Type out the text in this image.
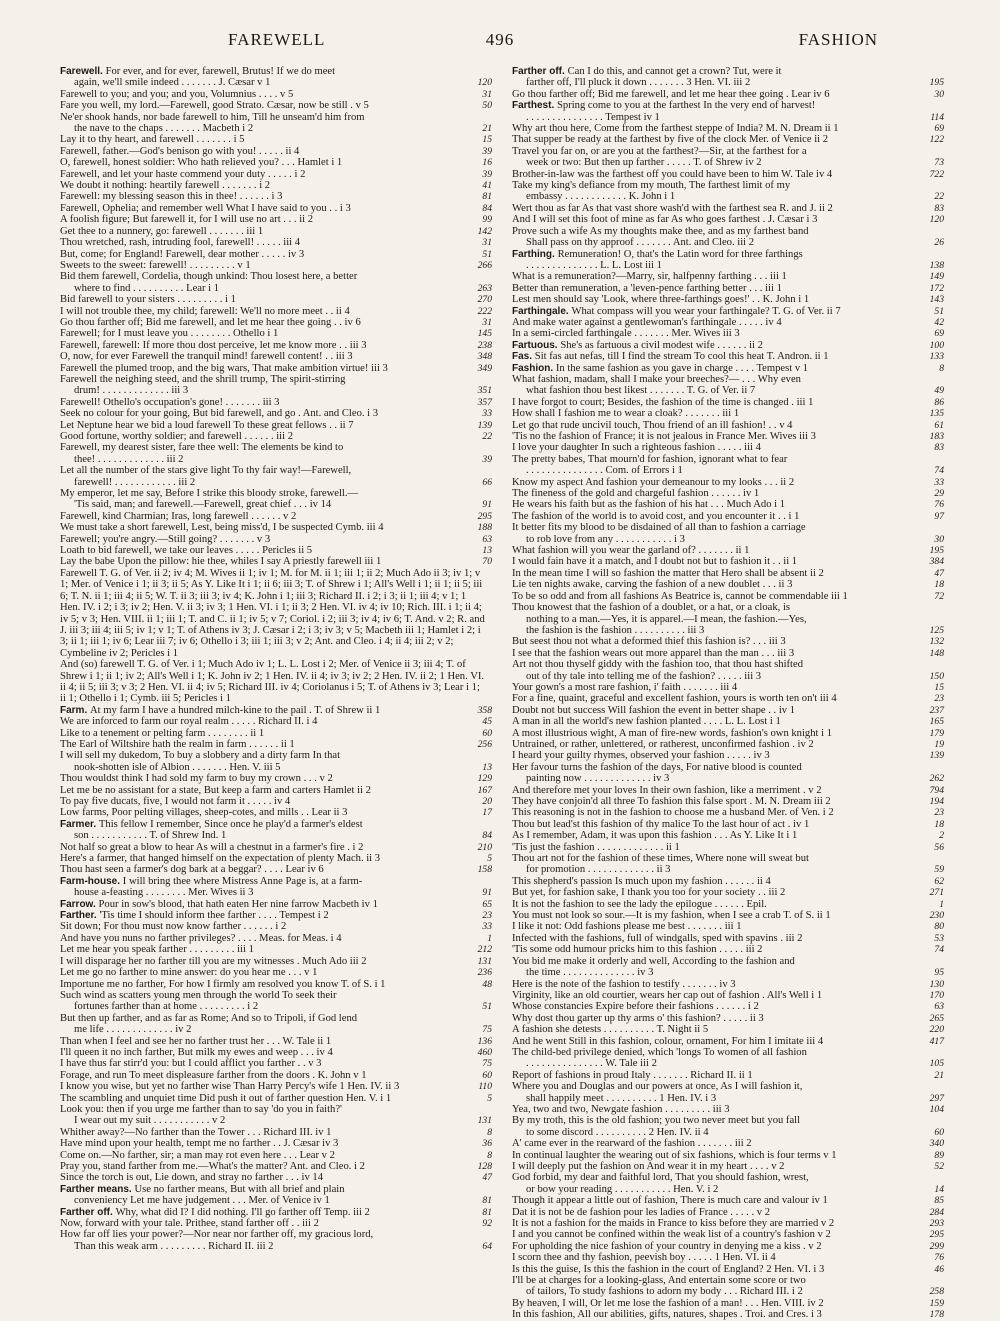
FAREWELL	496	FASHION
Farewell. For ever, and for ever, farewell, Brutus! If we do meet
again, we'll smile indeed . . . . . . . J. Cæsar v 1	120
Farewell to you; and you; and you, Volumnius . . . . v 5	31
Fare you well, my lord.—Farewell, good Strato. Cæsar, now be still . v 5	50
Ne'er shook hands, nor bade farewell to him, Till he unseam'd him from
the nave to the chaps . . . . . . . Macbeth i 2	21
Lay it to thy heart, and farewell . . . . . . . i 5	15
Farewell, father.—God's benison go with you! . . . . . ii 4	39
O, farewell, honest soldier: Who hath relieved you? . . . Hamlet i 1	16
Farewell, and let your haste commend your duty . . . . . i 2	39
We doubt it nothing: heartily farewell . . . . . . . i 2	41
Farewell: my blessing season this in thee! . . . . . . i 3	81
Farewell, Ophelia; and remember well What I have said to you . . i 3	84
A foolish figure; But farewell it, for I will use no art . . . ii 2	99
Get thee to a nunnery, go: farewell . . . . . . . iii 1	142
Thou wretched, rash, intruding fool, farewell! . . . . . iii 4	31
But, come; for England! Farewell, dear mother . . . . . iv 3	51
Sweets to the sweet: farewell! . . . . . . . . . v 1	266
Bid them farewell, Cordelia, though unkind: Thou losest here, a better
where to find . . . . . . . . . . Lear i 1	263
Bid farewell to your sisters . . . . . . . . . i 1	270
I will not trouble thee, my child; farewell: We'll no more meet . . ii 4	222
Go thou farther off; Bid me farewell, and let me hear thee going . . iv 6	31
Farewell; for I must leave you . . . . . . . . Othello i 1	145
Farewell, farewell: If more thou dost perceive, let me know more . . iii 3	238
O, now, for ever Farewell the tranquil mind! farewell content! . . iii 3	348
Farewell the plumed troop, and the big wars, That make ambition virtue! iii 3	349
Farewell the neighing steed, and the shrill trump, The spirit-stirring
drum! . . . . . . . . . . . . . iii 3	351
Farewell! Othello's occupation's gone! . . . . . . . iii 3	357
Seek no colour for your going, But bid farewell, and go . Ant. and Cleo. i 3	33
Let Neptune hear we bid a loud farewell To these great fellows . . ii 7	139
Good fortune, worthy soldier; and farewell . . . . . . iii 2	22
Farewell, my dearest sister, fare thee well: The elements be kind to
thee! . . . . . . . . . . . . . iii 2	39
Let all the number of the stars give light To thy fair way!—Farewell,
farewell! . . . . . . . . . . . . iii 2	66
My emperor, let me say, Before I strike this bloody stroke, farewell.—
'Tis said, man; and farewell.—Farewell, great chief . . . iv 14	91
Farewell, kind Charmian; Iras, long farewell . . . . . . v 2	295
We must take a short farewell, Lest, being miss'd, I be suspected Cymb. iii 4	188
Farewell; you're angry.—Still going? . . . . . . . v 3	63
Loath to bid farewell, we take our leaves . . . . . Pericles ii 5	13
Lay the babe Upon the pillow: hie thee, whiles I say A priestly farewell iii 1	70
Farewell T. G. of Ver. ii 2; iv 4; M. Wives ii 1; iv 1; M. for M. ii 1; iii 1; ii 2; Much Ado ii 3; iv 1; v 1; Mer. of Venice i 1; ii 3; ii 5; As Y. Like It i 1; ii 6; iii 3; T. of Shrew i 1; All's Well i 1; ii 1; ii 5; iii 6; T. N. ii 1; iii 4; ii 5; W. T. ii 3; iii 3; iv 4; K. John i 1; iii 3; Richard II. i 2; i 3; ii 1; iii 4; v 1; 1 Hen. IV. i 2; i 3; iv 2; Hen. V. ii 3; iv 3; 1 Hen. VI. i 1; ii 3; 2 Hen. VI. iv 4; iv 10; Rich. III. i 1; ii 4; iv 5; v 3; Hen. VIII. ii 1; iii 1; T. and C. ii 1; iv 5; v 7; Coriol. i 2; iii 3; iv 4; iv 6; T. And. v 2; R. and J. iii 3; iii 4; iii 5; iv 1; v 1; T. of Athens iv 3; J. Cæsar i 2; i 3; iv 3; v 5; Macbeth iii 1; Hamlet i 2; i 3; ii 1; iii 1; iv 6; Lear iii 7; iv 6; Othello i 3; iii 1; iii 3; v 2; Ant. and Cleo. i 4; ii 4; iii 2; v 2; Cymbeline iv 2; Pericles i 1
And (so) farewell T. G. of Ver. i 1; Much Ado iv 1; L. L. Lost i 2; Mer. of Venice ii 3; iii 4; T. of Shrew i 1; ii 1; iv 2; All's Well i 1; K. John iv 2; 1 Hen. IV. ii 4; iv 3; iv 2; 2 Hen. IV. ii 2; 1 Hen. VI. ii 4; ii 5; iii 3; v 3; 2 Hen. VI. ii 4; iv 5; Richard III. iv 4; Coriolanus i 5; T. of Athens iv 3; Lear i 1; ii 1; Othello i 1; Cymb. iii 5; Pericles i 1
Farm. At my farm I have a hundred milch-kine to the pail . T. of Shrew ii 1	358
We are inforced to farm our royal realm . . . . . Richard II. i 4	45
Like to a tenement or pelting farm . . . . . . . . ii 1	60
The Earl of Wiltshire hath the realm in farm . . . . . . ii 1	256
I will sell my dukedom, To buy a slobbery and a dirty farm In that
nook-shotten isle of Albion . . . . . . . Hen. V. iii 5	13
Thou wouldst think I had sold my farm to buy my crown . . . v 2	129
Let me be no assistant for a state, But keep a farm and carters Hamlet ii 2	167
To pay five ducats, five, I would not farm it . . . . . iv 4	20
Low farms, Poor pelting villages, sheep-cotes, and mills . . Lear ii 3	17
Farmer. This fellow I remember, Since once he play'd a farmer's eldest
son . . . . . . . . . . . T. of Shrew Ind. 1	84
Not half so great a blow to hear As will a chestnut in a farmer's fire . i 2	210
Here's a farmer, that hanged himself on the expectation of plenty Mach. ii 3	5
Thou hast seen a farmer's dog bark at a beggar? . . . . Lear iv 6	158
Farm-house. I will bring thee where Mistress Anne Page is, at a farm-
house a-feasting . . . . . . . . Mer. Wives ii 3	91
Farrow. Pour in sow's blood, that hath eaten Her nine farrow Macbeth iv 1	65
Farther. 'Tis time I should inform thee farther . . . . Tempest i 2	23
Sit down; For thou must now know farther . . . . . . i 2	33
And have you nuns no farther privileges? . . . . Meas. for Meas. i 4	1
Let me hear you speak farther . . . . . . . . . iii 1	212
I will disparage her no farther till you are my witnesses . Much Ado iii 2	131
Let me go no farther to mine answer: do you hear me . . . v 1	236
Importune me no farther, For how I firmly am resolved you know T. of S. i 1	48
Such wind as scatters young men through the world To seek their
fortunes farther than at home . . . . . . . . . i 2	51
But then up farther, and as far as Rome; And so to Tripoli, if God lend
me life . . . . . . . . . . . . . iv 2	75
Than when I feel and see her no farther trust her . . . W. Tale ii 1	136
I'll queen it no inch farther, But milk my ewes and weep . . . iv 4	460
I have thus far stirr'd you: but I could afflict you farther . . v 3	75
Forage, and run To meet displeasure farther from the doors . K. John v 1	60
I know you wise, but yet no farther wise Than Harry Percy's wife 1 Hen. IV. ii 3	110
The scambling and unquiet time Did push it out of farther question Hen. V. i 1	5
Look you: then if you urge me farther than to say 'do you in faith?'
I wear out my suit . . . . . . . . . . . v 2	131
Whither away?—No farther than the Tower . . . Richard III. iv 1	8
Have mind upon your health, tempt me no farther . . J. Cæsar iv 3	36
Come on.—No farther, sir; a man may rot even here . . . Lear v 2	8
Pray you, stand farther from me.—What's the matter? Ant. and Cleo. i 2	128
Since the torch is out, Lie down, and stray no farther . . . iv 14	47
Farther means. Use no farther means, But with all brief and plain
conveniency Let me have judgement . . . Mer. of Venice iv 1	81
Farther off. Why, what did I? I did nothing. I'll go farther off Temp. iii 2	81
Now, forward with your tale. Prithee, stand farther off . . iii 2	92
How far off lies your power?—Nor near nor farther off, my gracious lord,
Than this weak arm . . . . . . . . . Richard II. iii 2	64
Farther off. Can I do this, and cannot get a crown? Tut, were it
farther off, I'll pluck it down . . . . . . . 3 Hen. VI. iii 2	195
Go thou farther off; Bid me farewell, and let me hear thee going . Lear iv 6	30
Farthest. Spring come to you at the farthest In the very end of harvest!
. . . . . . . . . . . . . . . Tempest iv 1	114
Why art thou here, Come from the farthest steppe of India? M. N. Dream ii 1	69
That supper be ready at the farthest by five of the clock Mer. of Venice ii 2	122
Travel you far on, or are you at the farthest?—Sir, at the farthest for a
week or two: But then up farther . . . . . T. of Shrew iv 2	73
Brother-in-law was the farthest off you could have been to him W. Tale iv 4	722
Take my king's defiance from my mouth, The farthest limit of my
embassy . . . . . . . . . . . . K. John i 1	22
Wert thou as far As that vast shore wash'd with the farthest sea R. and J. ii 2	83
And I will set this foot of mine as far As who goes farthest . J. Cæsar i 3	120
Prove such a wife As my thoughts make thee, and as my farthest band
Shall pass on thy approof . . . . . . . Ant. and Cleo. iii 2	26
Farthing. Remuneration! O, that's the Latin word for three farthings
. . . . . . . . . . . . . . L. L. Lost iii 1	138
What is a remuneration?—Marry, sir, halfpenny farthing . . . iii 1	149
Better than remuneration, a 'leven-pence farthing better . . . iii 1	172
Lest men should say 'Look, where three-farthings goes!' . . K. John i 1	143
Farthingale. What compass will you wear your farthingale? T. G. of Ver. ii 7	51
And make water against a gentlewoman's farthingale . . . . . iv 4	42
In a semi-circled farthingale . . . . . . . Mer. Wives iii 3	69
Fartuous. She's as fartuous a civil modest wife . . . . . . ii 2	100
Fas. Sit fas aut nefas, till I find the stream To cool this heat T. Andron. ii 1	133
Fashion. In the same fashion as you gave in charge . . . . Tempest v 1	8
What fashion, madam, shall I make your breeches?— . . . Why even
what fashion thou best likest . . . . . . . T. G. of Ver. ii 7	49
I have forgot to court; Besides, the fashion of the time is changed . iii 1	86
How shall I fashion me to wear a cloak? . . . . . . . iii 1	135
Let go that rude uncivil touch, Thou friend of an ill fashion! . . v 4	61
'Tis no the fashion of France; it is not jealous in France Mer. Wives iii 3	183
I love your daughter In such a righteous fashion . . . . . iii 4	83
The pretty babes, That mourn'd for fashion, ignorant what to fear
. . . . . . . . . . . . . . . Com. of Errors i 1	74
Know my aspect And fashion your demeanour to my looks . . . ii 2	33
The fineness of the gold and chargeful fashion . . . . . . iv 1	29
He wears his faith but as the fashion of his hat . . . Much Ado i 1	76
The fashion of the world is to avoid cost, and you encounter it . . i 1	97
It better fits my blood to be disdained of all than to fashion a carriage
to rob love from any . . . . . . . . . . . i 3	30
What fashion will you wear the garland of? . . . . . . . ii 1	195
I would fain have it a match, and I doubt not but to fashion it . . ii 1	384
In the mean time I will so fashion the matter that Hero shall be absent ii 2	47
Lie ten nights awake, carving the fashion of a new doublet . . . ii 3	18
To be so odd and from all fashions As Beatrice is, cannot be commendable iii 1	72
Thou knowest that the fashion of a doublet, or a hat, or a cloak, is
nothing to a man.—Yes, it is apparel.—I mean, the fashion.—Yes,
the fashion is the fashion . . . . . . . . . . iii 3	125
But seest thou not what a deformed thief this fashion is? . . . iii 3	132
I see that the fashion wears out more apparel than the man . . . iii 3	148
Art not thou thyself giddy with the fashion too, that thou hast shifted
out of thy tale into telling me of the fashion? . . . . . iii 3	150
Your gown's a most rare fashion, i' faith . . . . . . . iii 4	15
For a fine, quaint, graceful and excellent fashion, yours is worth ten on't iii 4	23
Doubt not but success Will fashion the event in better shape . . iv 1	237
A man in all the world's new fashion planted . . . . L. L. Lost i 1	165
A most illustrious wight, A man of fire-new words, fashion's own knight i 1	179
Untrained, or rather, unlettered, or ratherest, unconfirmed fashion . iv 2	19
I heard your guilty rhymes, observed your fashion . . . . . iv 3	139
Her favour turns the fashion of the days, For native blood is counted
painting now . . . . . . . . . . . . . iv 3	262
And therefore met your loves In their own fashion, like a merriment . v 2	794
They have conjoin'd all three To fashion this false sport . M. N. Dream iii 2	194
This reasoning is not in the fashion to choose me a husband Mer. of Ven. i 2	23
Thou but lead'st this fashion of thy malice To the last hour of act . iv 1	18
As I remember, Adam, it was upon this fashion . . . As Y. Like It i 1	2
'Tis just the fashion . . . . . . . . . . . . . ii 1	56
Thou art not for the fashion of these times, Where none will sweat but
for promotion . . . . . . . . . . . . . ii 3	59
This shepherd's passion Is much upon my fashion . . . . . . ii 4	62
But yet, for fashion sake, I thank you too for your society . . iii 2	271
It is not the fashion to see the lady the epilogue . . . . . . Epil.	1
You must not look so sour.—It is my fashion, when I see a crab T. of S. ii 1	230
I like it not: Odd fashions please me best . . . . . . . iii 1	80
Infected with the fashions, full of windgalls, sped with spavins . iii 2	53
'Tis some odd humour pricks him to this fashion . . . . . iii 2	74
You bid me make it orderly and well, According to the fashion and
the time . . . . . . . . . . . . . . iv 3	95
Here is the note of the fashion to testify . . . . . . . iv 3	130
Virginity, like an old courtier, wears her cap out of fashion . All's Well i 1	170
Whose constancies Expire before their fashions . . . . . . i 2	63
Why dost thou garter up thy arms o' this fashion? . . . . . ii 3	265
A fashion she detests . . . . . . . . . . T. Night ii 5	220
And he went Still in this fashion, colour, ornament, For him I imitate iii 4	417
The child-bed privilege denied, which 'longs To women of all fashion
. . . . . . . . . . . . . . . W. Tale iii 2	105
Report of fashions in proud Italy . . . . . . . Richard II. ii 1	21
Where you and Douglas and our powers at once, As I will fashion it,
shall happily meet . . . . . . . . . . 1 Hen. IV. i 3	297
Yea, two and two, Newgate fashion . . . . . . . . . iii 3	104
By my troth, this is the old fashion; you two never meet but you fall
to some discord . . . . . . . . . . 2 Hen. IV. ii 4	60
A' came ever in the rearward of the fashion . . . . . . . iii 2	340
In continual laughter the wearing out of six fashions, which is four terms v 1	89
I will deeply put the fashion on And wear it in my heart . . . . v 2	52
God forbid, my dear and faithful lord, That you should fashion, wrest,
or bow your reading . . . . . . . . . . . Hen. V. i 2	14
Though it appear a little out of fashion, There is much care and valour iv 1	85
Dat it is not be de fashion pour les ladies of France . . . . . v 2	284
It is not a fashion for the maids in France to kiss before they are married v 2	293
I and you cannot be confined within the weak list of a country's fashion v 2	295
For upholding the nice fashion of your country in denying me a kiss . v 2	299
I scorn thee and thy fashion, peevish boy . . . . . 1 Hen. VI. ii 4	76
Is this the guise, Is this the fashion in the court of England? 2 Hen. VI. i 3	46
I'll be at charges for a looking-glass, And entertain some score or two
of tailors, To study fashions to adorn my body . . . Richard III. i 2	258
By heaven, I will, Or let me lose the fashion of a man! . . . Hen. VIII. iv 2	159
In this fashion, All our abilities, gifts, natures, shapes . Troi. and Cres. i 3	178
